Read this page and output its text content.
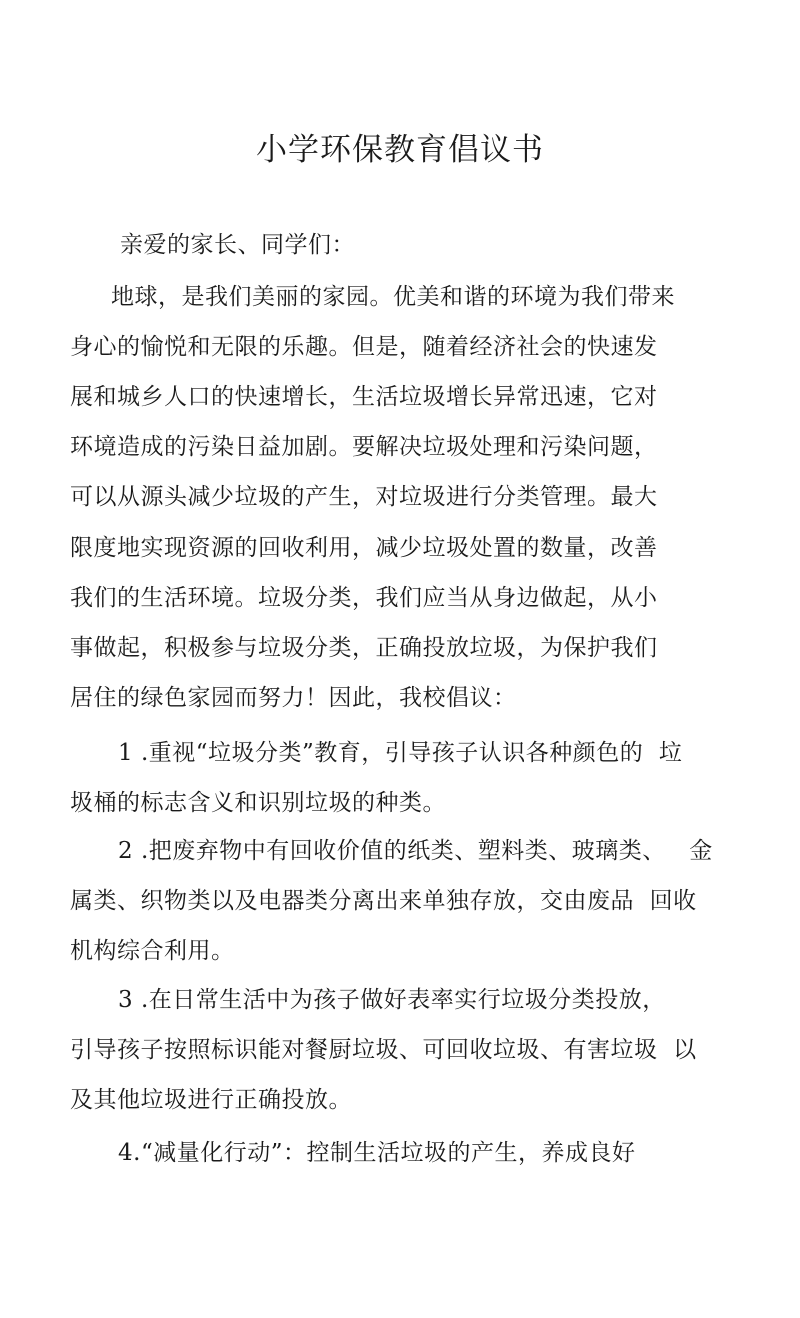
小学环保教育倡议书
亲爱的家长、同学们：
地球，是我们美丽的家园。优美和谐的环境为我们带来
身心的愉悦和无限的乐趣。但是，随着经济社会的快速发
展和城乡人口的快速增长，生活垃圾增长异常迅速，它对
环境造成的污染日益加剧。要解决垃圾处理和污染问题，
可以从源头减少垃圾的产生，对垃圾进行分类管理。最大
限度地实现资源的回收利用，减少垃圾处置的数量，改善
我们的生活环境。垃圾分类，我们应当从身边做起，从小
事做起，积极参与垃圾分类，正确投放垃圾，为保护我们
居住的绿色家园而努力！因此，我校倡议：
1 .重视“垃圾分类”教育，引导孩子认识各种颜色的  垃
圾桶的标志含义和识别垃圾的种类。
2 .把废弃物中有回收价值的纸类、塑料类、玻璃类、   金
属类、织物类以及电器类分离出来单独存放，交由废品  回收
机构综合利用。
3 .在日常生活中为孩子做好表率实行垃圾分类投放，
引导孩子按照标识能对餐厨垃圾、可回收垃圾、有害垃圾  以
及其他垃圾进行正确投放。
4.“减量化行动”：控制生活垃圾的产生，养成良好
